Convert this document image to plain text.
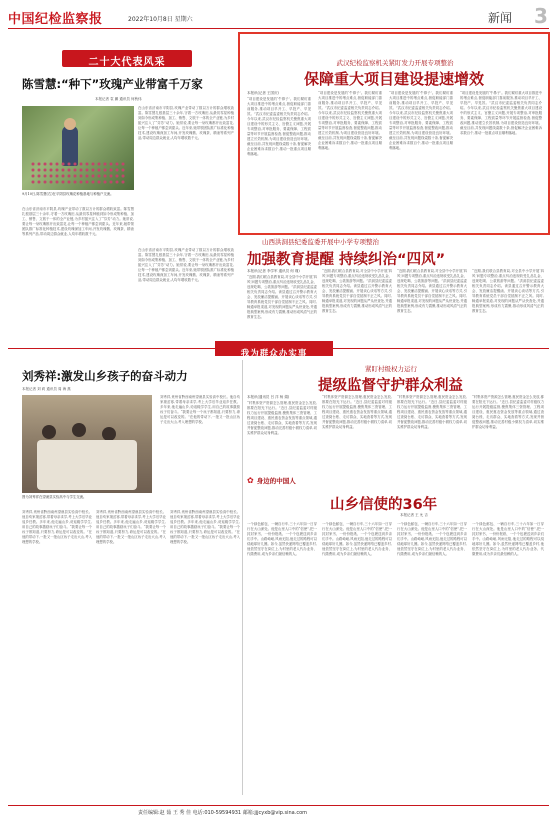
中国纪检监察报	2022年10月8日 星期六	新闻 3
二十大代表风采
陈雪慧:“种下”玫瑰产业带富千万家
本报记者 袁 鹏 通讯员 何秋伟
在山东省济南市平阴县,玫瑰产业带动了数以万计的群众增收致富。陈雪慧扎根基层三十余年,守着一方玫瑰田,从最初零星种植到如今形成集种植、加工、销售、文旅于一体的全产业链,为乡村振兴注入了“芬芳”动力。她常说,要让每一朵玫瑰都开出致富花,让每一个种植户都尝到甜头。近年来,她带领团队推广标准化种植技术,建设玫瑰深加工车间,开发玫瑰酱、玫瑰茶、精油等系列产品,带动周边群众就业,人均年增收数千元。
9月10日,陈雪慧(右)在平阴县玫瑰花种植基地与种植户交流。
在山东省济南市平阴县,玫瑰产业带动了数以万计的群众增收致富。陈雪慧扎根基层三十余年,守着一方玫瑰田,从最初零星种植到如今形成集种植、加工、销售、文旅于一体的全产业链,为乡村振兴注入了“芬芳”动力。她常说,要让每一朵玫瑰都开出致富花,让每一个种植户都尝到甜头。近年来,她带领团队推广标准化种植技术,建设玫瑰深加工车间,开发玫瑰酱、玫瑰茶、精油等系列产品,带动周边群众就业,人均年增收数千元。
在山东省济南市平阴县,玫瑰产业带动了数以万计的群众增收致富。陈雪慧扎根基层三十余年,守着一方玫瑰田,从最初零星种植到如今形成集种植、加工、销售、文旅于一体的全产业链,为乡村振兴注入了“芬芳”动力。她常说,要让每一朵玫瑰都开出致富花,让每一个种植户都尝到甜头。近年来,她带领团队推广标准化种植技术,建设玫瑰深加工车间,开发玫瑰酱、玫瑰茶、精油等系列产品,带动周边群众就业,人均年增收数千元。
武汉纪检监察机关紧盯发力开展专项整治
保障重大项目建设提速增效
本报讯(记者 王国庆)
“项目建设是发展的‘牛鼻子’。我们紧盯重大项目推进中的堵点难点,督促职能部门靠前服务,推动项目早开工、早投产、早见效。”武汉市纪委监委相关负责同志介绍。今年以来,武汉市纪检监察机关聚焦重大项目建设中的形式主义、官僚主义问题,开展专项整治,对审批服务、要素保障、工程质量等环节开展监督检查,督促整改问题,推动建立长效机制,为项目建设营造良好环境。截至目前,共发现问题线索数十条,督促解决企业困难诉求数百个,推动一批重点项目顺利落地。
“项目建设是发展的‘牛鼻子’。我们紧盯重大项目推进中的堵点难点,督促职能部门靠前服务,推动项目早开工、早投产、早见效。”武汉市纪委监委相关负责同志介绍。今年以来,武汉市纪检监察机关聚焦重大项目建设中的形式主义、官僚主义问题,开展专项整治,对审批服务、要素保障、工程质量等环节开展监督检查,督促整改问题,推动建立长效机制,为项目建设营造良好环境。截至目前,共发现问题线索数十条,督促解决企业困难诉求数百个,推动一批重点项目顺利落地。
“项目建设是发展的‘牛鼻子’。我们紧盯重大项目推进中的堵点难点,督促职能部门靠前服务,推动项目早开工、早投产、早见效。”武汉市纪委监委相关负责同志介绍。今年以来,武汉市纪检监察机关聚焦重大项目建设中的形式主义、官僚主义问题,开展专项整治,对审批服务、要素保障、工程质量等环节开展监督检查,督促整改问题,推动建立长效机制,为项目建设营造良好环境。截至目前,共发现问题线索数十条,督促解决企业困难诉求数百个,推动一批重点项目顺利落地。
“项目建设是发展的‘牛鼻子’。我们紧盯重大项目推进中的堵点难点,督促职能部门靠前服务,推动项目早开工、早投产、早见效。”武汉市纪委监委相关负责同志介绍。今年以来,武汉市纪检监察机关聚焦重大项目建设中的形式主义、官僚主义问题,开展专项整治,对审批服务、要素保障、工程质量等环节开展监督检查,督促整改问题,推动建立长效机制,为项目建设营造良好环境。截至目前,共发现问题线索数十条,督促解决企业困难诉求数百个,推动一批重点项目顺利落地。
山西洪洞县纪委监委开展中小学专项整治
加强教育提醒 持续纠治“四风”
本报讯(记者 李学军 通讯员 何 瑾)
“近期,我们联合县教育局,对全县中小学开展‘四风’问题专项整治,重点纠治违规收受礼品礼金、违规吃喝、公款旅游等问题。”洪洞县纪委监委相关负责同志介绍。该县通过召开警示教育大会、发放廉洁提醒函、开展谈心谈话等方式,引导教育系统党员干部自觉抵制不正之风。同时,畅通举报渠道,对发现的问题从严从快查处,并通报典型案例,形成有力震慑,推动形成风清气正的教育生态。
“近期,我们联合县教育局,对全县中小学开展‘四风’问题专项整治,重点纠治违规收受礼品礼金、违规吃喝、公款旅游等问题。”洪洞县纪委监委相关负责同志介绍。该县通过召开警示教育大会、发放廉洁提醒函、开展谈心谈话等方式,引导教育系统党员干部自觉抵制不正之风。同时,畅通举报渠道,对发现的问题从严从快查处,并通报典型案例,形成有力震慑,推动形成风清气正的教育生态。
“近期,我们联合县教育局,对全县中小学开展‘四风’问题专项整治,重点纠治违规收受礼品礼金、违规吃喝、公款旅游等问题。”洪洞县纪委监委相关负责同志介绍。该县通过召开警示教育大会、发放廉洁提醒函、开展谈心谈话等方式,引导教育系统党员干部自觉抵制不正之风。同时,畅通举报渠道,对发现的问题从严从快查处,并通报典型案例,形成有力震慑,推动形成风清气正的教育生态。
“近期,我们联合县教育局,对全县中小学开展‘四风’问题专项整治,重点纠治违规收受礼品礼金、违规吃喝、公款旅游等问题。”洪洞县纪委监委相关负责同志介绍。该县通过召开警示教育大会、发放廉洁提醒函、开展谈心谈话等方式,引导教育系统党员干部自觉抵制不正之风。同时,畅通举报渠道,对发现的问题从严从快查处,并通报典型案例,形成有力震慑,推动形成风清气正的教育生态。
我为群众办实事
刘秀祥:激发山乡孩子的奋斗动力
本报记者 刘 莉 通讯员 周 海 燕
刘秀祥,贵州省黔西南州望谟县实验高中校长。他自幼家境贫寒,带着母亲求学,考上大学后毕业返乡任教。多年来,他走遍山乡,劝返辍学学生,用自己的故事激励孩子们奋斗。“我要让每一个孩子都知道,只要努力,命运是可以改变的。”在他的带动下,一批又一批山区孩子走出大山,考入理想的学校。
图为刘秀祥在望谟县实验高中与学生交流。
刘秀祥,贵州省黔西南州望谟县实验高中校长。他自幼家境贫寒,带着母亲求学,考上大学后毕业返乡任教。多年来,他走遍山乡,劝返辍学学生,用自己的故事激励孩子们奋斗。“我要让每一个孩子都知道,只要努力,命运是可以改变的。”在他的带动下,一批又一批山区孩子走出大山,考入理想的学校。
刘秀祥,贵州省黔西南州望谟县实验高中校长。他自幼家境贫寒,带着母亲求学,考上大学后毕业返乡任教。多年来,他走遍山乡,劝返辍学学生,用自己的故事激励孩子们奋斗。“我要让每一个孩子都知道,只要努力,命运是可以改变的。”在他的带动下,一批又一批山区孩子走出大山,考入理想的学校。
刘秀祥,贵州省黔西南州望谟县实验高中校长。他自幼家境贫寒,带着母亲求学,考上大学后毕业返乡任教。多年来,他走遍山乡,劝返辍学学生,用自己的故事激励孩子们奋斗。“我要让每一个孩子都知道,只要努力,命运是可以改变的。”在他的带动下,一批又一批山区孩子走出大山,考入理想的学校。
紧盯村级权力运行
提级监督守护群众利益
本报讯(通讯员 吕 洋 杨 娟)
“村集体资产资源怎么管理,惠民资金怎么发放,都要在阳光下运行。”近日,县纪委监委对村级权力运行开展提级监督,聚焦集体三资管理、工程项目建设、惠民惠农资金发放等重点领域,通过查阅台账、走访群众、实地查看等方式,发现并督促整改问题,推动完善村级小微权力清单,切实维护群众切身利益。
“村集体资产资源怎么管理,惠民资金怎么发放,都要在阳光下运行。”近日,县纪委监委对村级权力运行开展提级监督,聚焦集体三资管理、工程项目建设、惠民惠农资金发放等重点领域,通过查阅台账、走访群众、实地查看等方式,发现并督促整改问题,推动完善村级小微权力清单,切实维护群众切身利益。
“村集体资产资源怎么管理,惠民资金怎么发放,都要在阳光下运行。”近日,县纪委监委对村级权力运行开展提级监督,聚焦集体三资管理、工程项目建设、惠民惠农资金发放等重点领域,通过查阅台账、走访群众、实地查看等方式,发现并督促整改问题,推动完善村级小微权力清单,切实维护群众切身利益。
“村集体资产资源怎么管理,惠民资金怎么发放,都要在阳光下运行。”近日,县纪委监委对村级权力运行开展提级监督,聚焦集体三资管理、工程项目建设、惠民惠农资金发放等重点领域,通过查阅台账、走访群众、实地查看等方式,发现并督促整改问题,推动完善村级小微权力清单,切实维护群众切身利益。
✿ 身边的中国人
山乡信使的36年
本报记者 王 允 吉
一个绿色邮包、一辆自行车,三十六年如一日穿行在大山深处。他是山里人口中的“信使”,把一封封家书、一份份报纸、一个个包裹送到乡亲们手中。山路崎岖,风雨无阻,他走过的路程可以绕地球好几圈。如今,虽然快递网络已覆盖乡村,他依然坚守在岗位上,为村里的老人代办业务、代缴费用,成为乡亲们最信赖的人。
一个绿色邮包、一辆自行车,三十六年如一日穿行在大山深处。他是山里人口中的“信使”,把一封封家书、一份份报纸、一个个包裹送到乡亲们手中。山路崎岖,风雨无阻,他走过的路程可以绕地球好几圈。如今,虽然快递网络已覆盖乡村,他依然坚守在岗位上,为村里的老人代办业务、代缴费用,成为乡亲们最信赖的人。
一个绿色邮包、一辆自行车,三十六年如一日穿行在大山深处。他是山里人口中的“信使”,把一封封家书、一份份报纸、一个个包裹送到乡亲们手中。山路崎岖,风雨无阻,他走过的路程可以绕地球好几圈。如今,虽然快递网络已覆盖乡村,他依然坚守在岗位上,为村里的老人代办业务、代缴费用,成为乡亲们最信赖的人。
一个绿色邮包、一辆自行车,三十六年如一日穿行在大山深处。他是山里人口中的“信使”,把一封封家书、一份份报纸、一个个包裹送到乡亲们手中。山路崎岖,风雨无阻,他走过的路程可以绕地球好几圈。如今,虽然快递网络已覆盖乡村,他依然坚守在岗位上,为村里的老人代办业务、代缴费用,成为乡亲们最信赖的人。
责任编辑:赵 茹 王 秀 佳 电话:010-59594931 邮箱:jjjcyxb@vip.sina.com
